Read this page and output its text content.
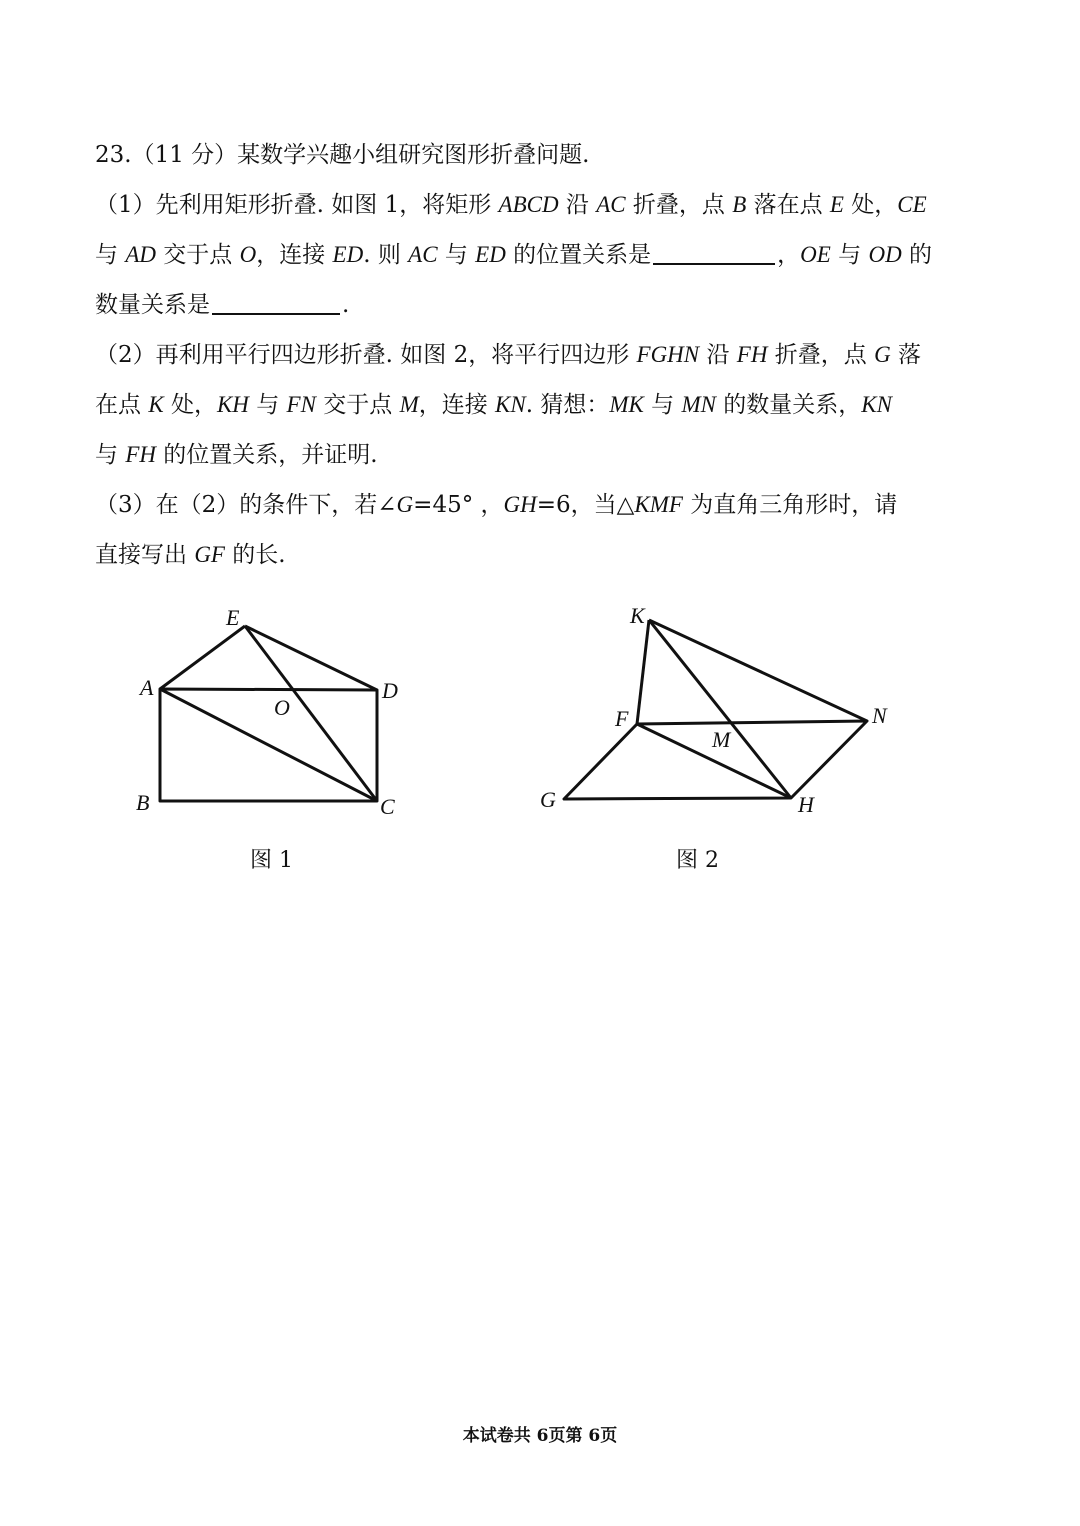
23.（11 分）某数学兴趣小组研究图形折叠问题.
（1）先利用矩形折叠. 如图 1，将矩形 ABCD 沿 AC 折叠，点 B 落在点 E 处，CE
与 AD 交于点 O，连接 ED. 则 AC 与 ED 的位置关系是	，OE 与 OD 的
数量关系是	.
（2）再利用平行四边形折叠. 如图 2，将平行四边形 FGHN 沿 FH 折叠，点 G 落
在点 K 处，KH 与 FN 交于点 M，连接 KN. 猜想：MK 与 MN 的数量关系，KN
与 FH 的位置关系，并证明.
（3）在（2）的条件下，若∠G=45° ，GH=6，当△KMF 为直角三角形时，请
直接写出 GF 的长.
E
A
O
D
B	C
图 1
K
F
M
N
G	H
图 2
本试卷共 6页第 6页
